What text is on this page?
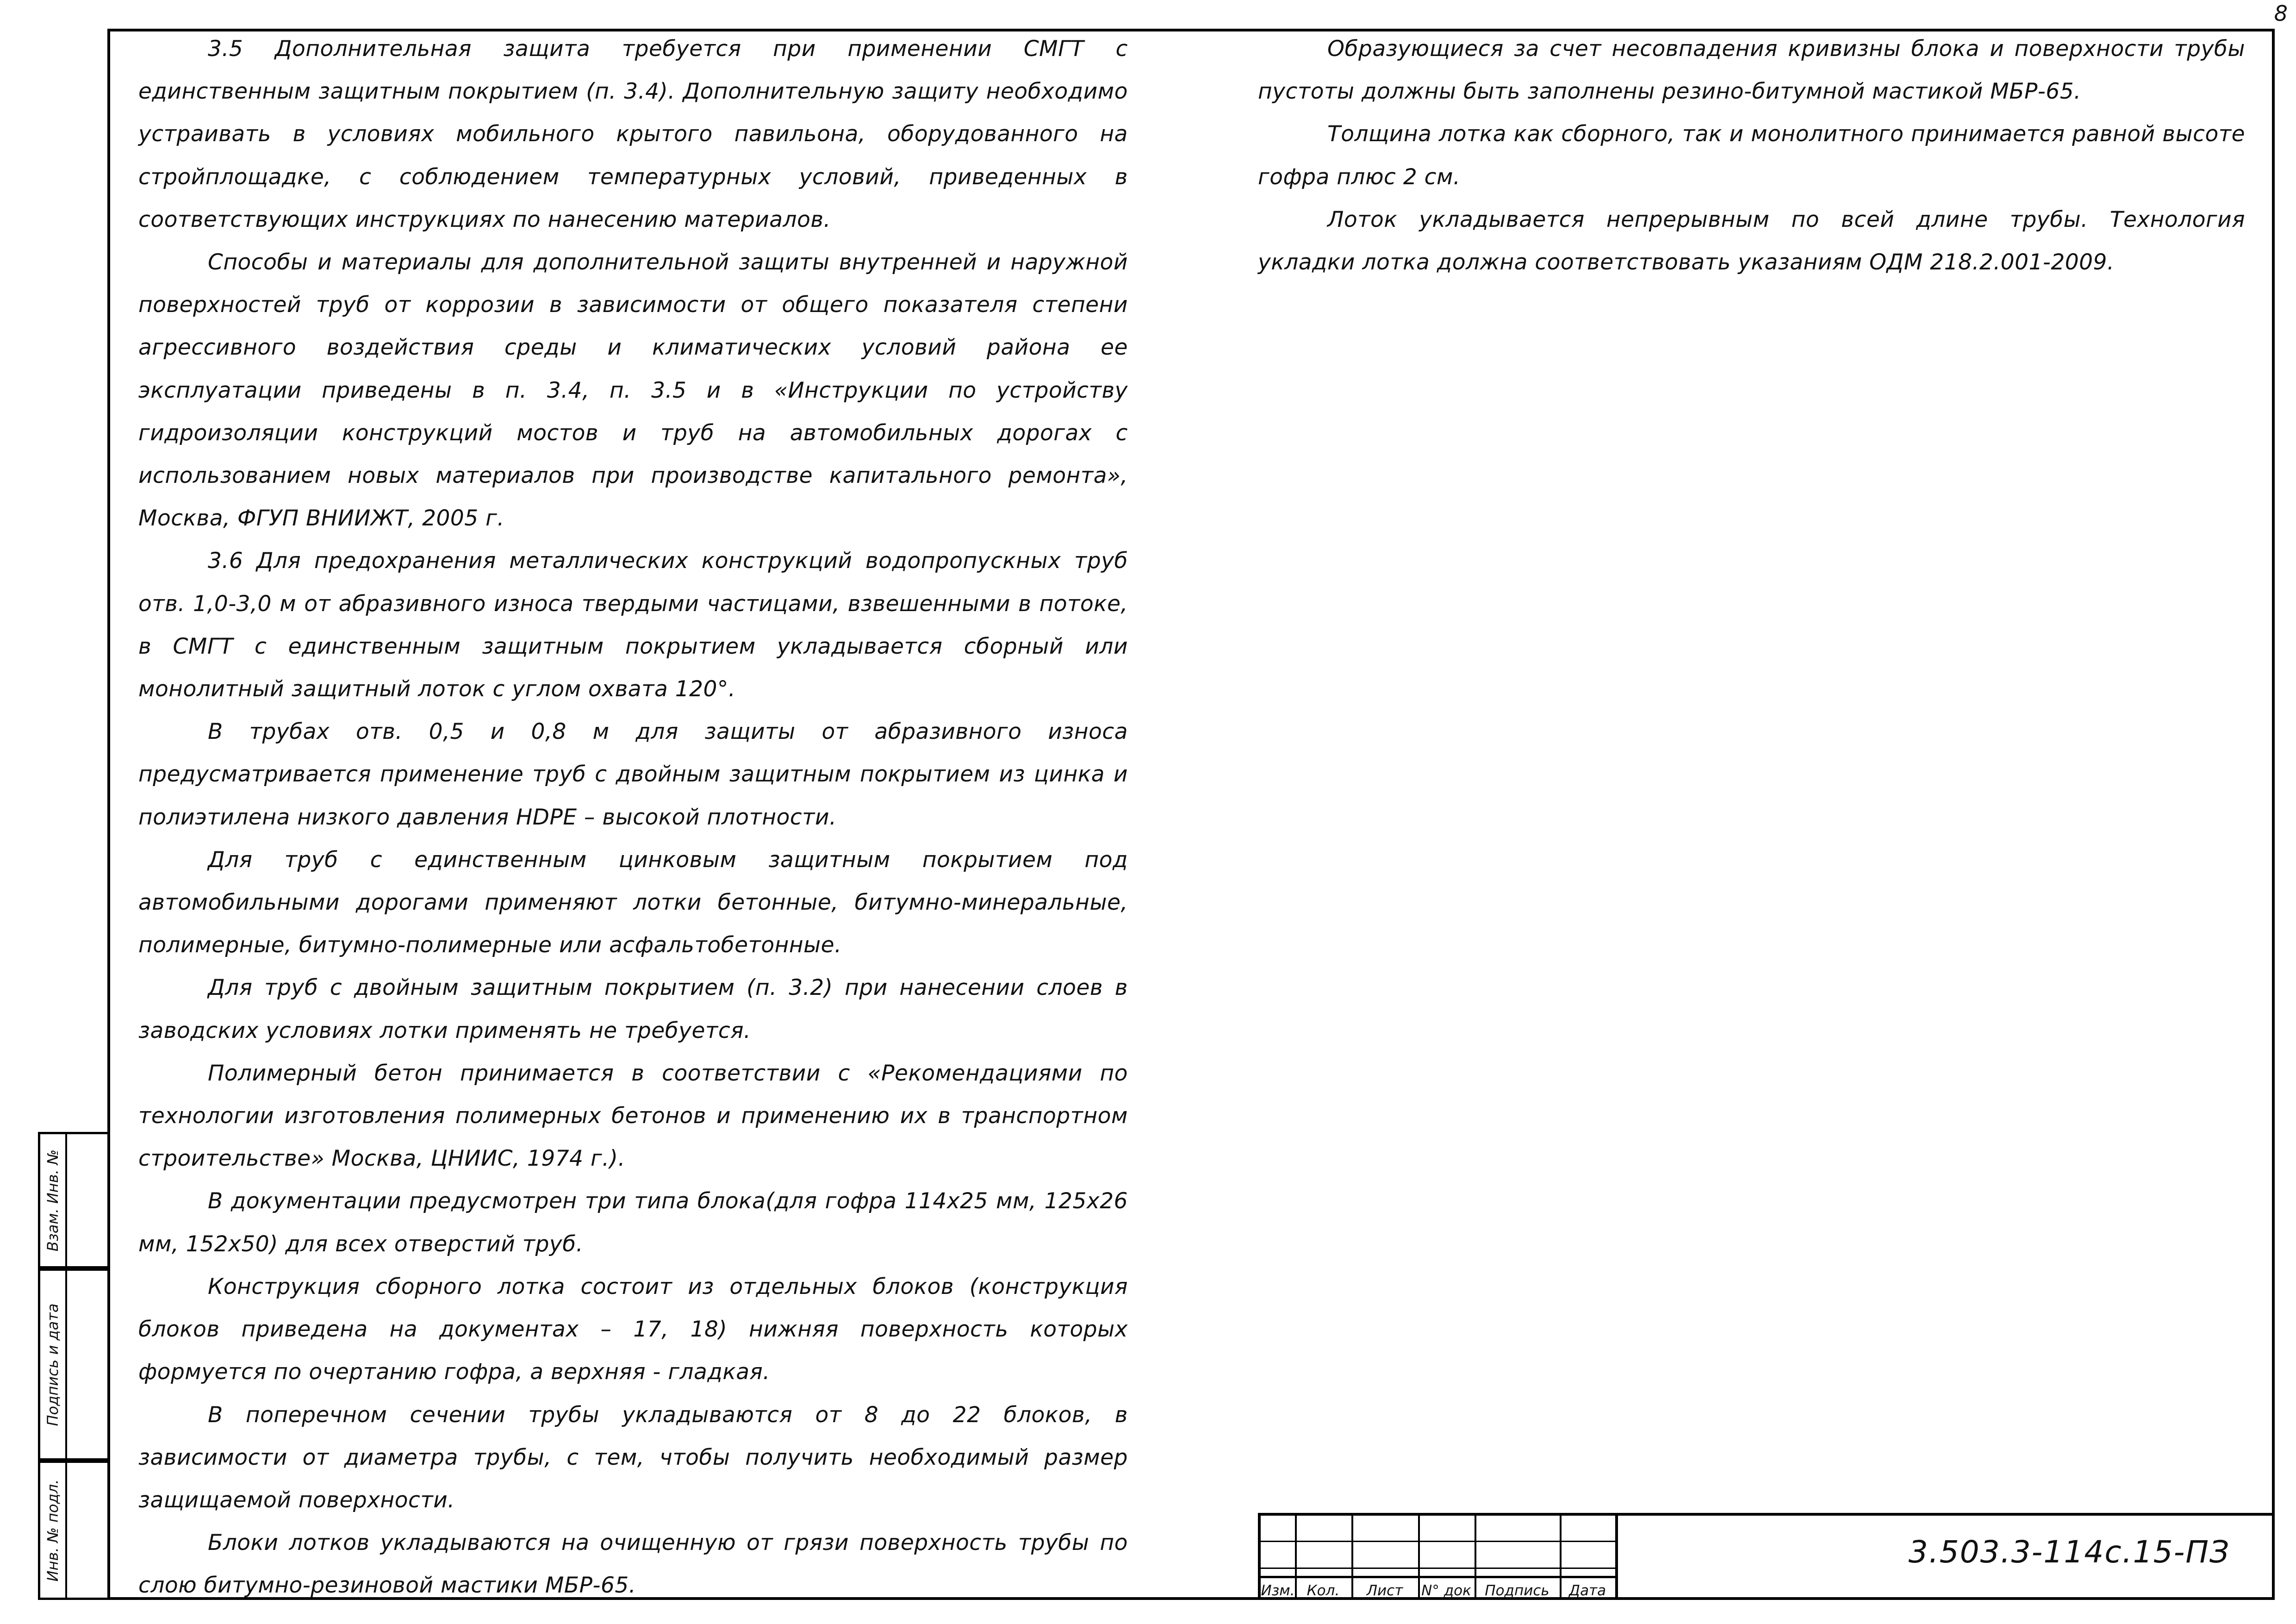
8

3.5 Дополнительная защита требуется при применении СМГТ с единственным защитным покрытием (п. 3.4). Дополнительную защиту необходимо устраивать в условиях мобильного крытого павильона, оборудованного на стройплощадке, с соблюдением температурных условий, приведенных в соответствующих инструкциях по нанесению материалов.

Способы и материалы для дополнительной защиты внутренней и наружной поверхностей труб от коррозии в зависимости от общего показателя степени агрессивного воздействия среды и климатических условий района ее эксплуатации приведены в п. 3.4, п. 3.5 и в «Инструкции по устройству гидроизоляции конструкций мостов и труб на автомобильных дорогах с использованием новых материалов при производстве капитального ремонта», Москва, ФГУП ВНИИЖТ, 2005 г.

3.6 Для предохранения металлических конструкций водопропускных труб отв. 1,0-3,0 м от абразивного износа твердыми частицами, взвешенными в потоке, в СМГТ с единственным защитным покрытием укладывается сборный или монолитный защитный лоток с углом охвата 120°.

В трубах отв. 0,5 и 0,8 м для защиты от абразивного износа предусматривается применение труб с двойным защитным покрытием из цинка и полиэтилена низкого давления HDPE – высокой плотности.

Для труб с единственным цинковым защитным покрытием под автомобильными дорогами применяют лотки бетонные, битумно-минеральные, полимерные, битумно-полимерные или асфальтобетонные.

Для труб с двойным защитным покрытием (п. 3.2) при нанесении слоев в заводских условиях лотки применять не требуется.

Полимерный бетон принимается в соответствии с «Рекомендациями по технологии изготовления полимерных бетонов и применению их в транспортном строительстве» Москва, ЦНИИС, 1974 г.).

В документации предусмотрен три типа блока(для гофра 114х25 мм, 125х26 мм, 152х50) для всех отверстий труб.

Конструкция сборного лотка состоит из отдельных блоков (конструкция блоков приведена на документах – 17, 18) нижняя поверхность которых формуется по очертанию гофра, а верхняя - гладкая.

В поперечном сечении трубы укладываются от 8 до 22 блоков, в зависимости от диаметра трубы, с тем, чтобы получить необходимый размер защищаемой поверхности.

Блоки лотков укладываются на очищенную от грязи поверхность трубы по слою битумно-резиновой мастики МБР-65.

Образующиеся за счет несовпадения кривизны блока и поверхности трубы пустоты должны быть заполнены резино-битумной мастикой МБР-65.

Толщина лотка как сборного, так и монолитного принимается равной высоте гофра плюс 2 см.

Лоток укладывается непрерывным по всей длине трубы. Технология укладки лотка должна соответствовать указаниям ОДМ 218.2.001-2009.

Взам. Инв. №
Подпись и дата
Инв. № подл.
Изм. Кол.	Лист	N° док Подпись	Дата
3.503.3-114с.15-ПЗ
